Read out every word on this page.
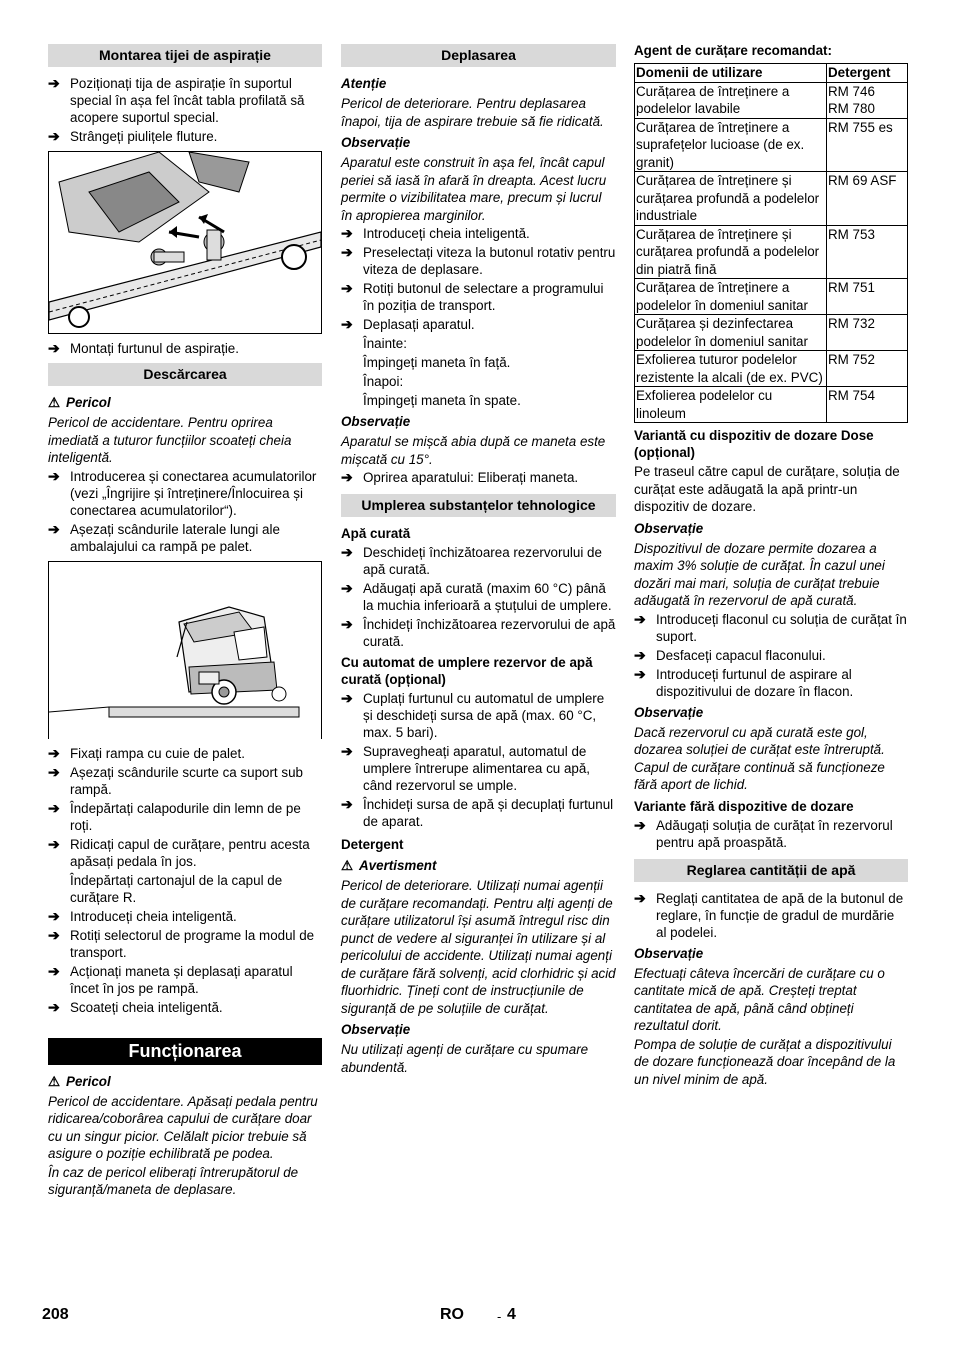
Montarea tijei de aspirație
➔ Poziționați tija de aspirație în suportul special în așa fel încât tabla profilată să acopere suportul special.
➔ Strângeți piulițele fluture.
➔ Montați furtunul de aspirație.
Descărcarea
⚠ Pericol
Pericol de accidentare. Pentru oprirea imediată a tuturor funcțiilor scoateți cheia inteligentă.
➔ Introducerea și conectarea acumulatorilor (vezi „Îngrijire și întreținere/Înlocuirea și conectarea acumulatorilor“).
➔ Așezați scândurile laterale lungi ale ambalajului ca rampă pe palet.
➔ Fixați rampa cu cuie de palet.
➔ Așezați scândurile scurte ca suport sub rampă.
➔ Îndepărtați calapodurile din lemn de pe roți.
➔ Ridicați capul de curățare, pentru acesta apăsați pedala în jos.
Îndepărtați cartonajul de la capul de curățare R.
➔ Introduceți cheia inteligentă.
➔ Rotiți selectorul de programe la modul de transport.
➔ Acționați maneta și deplasați aparatul încet în jos pe rampă.
➔ Scoateți cheia inteligentă.
Funcționarea
⚠ Pericol
Pericol de accidentare. Apăsați pedala pentru ridicarea/coborârea capului de curățare doar cu un singur picior. Celălalt picior trebuie să asigure o poziție echilibrată pe podea.
În caz de pericol eliberați întrerupătorul de siguranță/maneta de deplasare.
Deplasarea
Atenție
Pericol de deteriorare. Pentru deplasarea înapoi, tija de aspirare trebuie să fie ridicată.
Observație
Aparatul este construit în așa fel, încât capul periei să iasă în afară în dreapta. Acest lucru permite o vizibilitatea mare, precum și lucrul în apropierea marginilor.
➔ Introduceți cheia inteligentă.
➔ Preselectați viteza la butonul rotativ pentru viteza de deplasare.
➔ Rotiți butonul de selectare a programului în poziția de transport.
➔ Deplasați aparatul.
Înainte:
Împingeți maneta în față.
Înapoi:
Împingeți maneta în spate.
Observație
Aparatul se mișcă abia după ce maneta este mișcată cu 15°.
➔ Oprirea aparatului: Eliberați maneta.
Umplerea substanțelor tehnologice
Apă curată
➔ Deschideți închizătoarea rezervorului de apă curată.
➔ Adăugați apă curată (maxim 60 °C) până la muchia inferioară a ștuțului de umplere.
➔ Închideți închizătoarea rezervorului de apă curată.
Cu automat de umplere rezervor de apă curată (opțional)
➔ Cuplați furtunul cu automatul de umplere și deschideți sursa de apă (max. 60 °C, max. 5 bari).
➔ Supravegheați aparatul, automatul de umplere întrerupe alimentarea cu apă, când rezervorul se umple.
➔ Închideți sursa de apă și decuplați furtunul de aparat.
Detergent
⚠ Avertisment
Pericol de deteriorare. Utilizați numai agenții de curățare recomandați. Pentru alți agenți de curățare utilizatorul își asumă întregul risc din punct de vedere al siguranței în utilizare și al pericolului de accidente. Utilizați numai agenți de curățare fără solvenți, acid clorhidric și acid fluorhidric. Țineți cont de instrucțiunile de siguranță de pe soluțiile de curățat.
Observație
Nu utilizați agenți de curățare cu spumare abundentă.
Agent de curățare recomandat:
Domenii de utilizare	Detergent
Curățarea de întreținere a podelelor lavabile	RM 746
RM 780
Curățarea de întreținere a suprafețelor lucioase (de ex. granit)	RM 755 es
Curățarea de întreținere și curățarea profundă a podelelor industriale	RM 69 ASF
Curățarea de întreținere și curățarea profundă a podelelor din piatră fină	RM 753
Curățarea de întreținere a podelelor în domeniul sanitar	RM 751
Curățarea și dezinfectarea podelelor în domeniul sanitar	RM 732
Exfolierea tuturor podelelor rezistente la alcali (de ex. PVC)	RM 752
Exfolierea podelelor cu linoleum	RM 754
Variantă cu dispozitiv de dozare Dose (opțional)
Pe traseul către capul de curățare, soluția de curățat este adăugată la apă printr-un dispozitiv de dozare.
Observație
Dispozitivul de dozare permite dozarea a maxim 3% soluție de curățat. În cazul unei dozări mai mari, soluția de curățat trebuie adăugată în rezervorul de apă curată.
➔ Introduceți flaconul cu soluția de curățat în suport.
➔ Desfaceți capacul flaconului.
➔ Introduceți furtunul de aspirare al dispozitivului de dozare în flacon.
Observație
Dacă rezervorul cu apă curată este gol, dozarea soluției de curățat este întreruptă. Capul de curățare continuă să funcționeze fără aport de lichid.
Variante fără dispozitive de dozare
➔ Adăugați soluția de curățat în rezervorul pentru apă proaspătă.
Reglarea cantității de apă
➔ Reglați cantitatea de apă de la butonul de reglare, în funcție de gradul de murdărie al podelei.
Observație
Efectuați câteva încercări de curățare cu o cantitate mică de apă. Creșteți treptat cantitatea de apă, până când obțineți rezultatul dorit.
Pompa de soluție de curățat a dispozitivului de dozare funcționează doar începând de la un nivel minim de apă.
208	RO	- 4
